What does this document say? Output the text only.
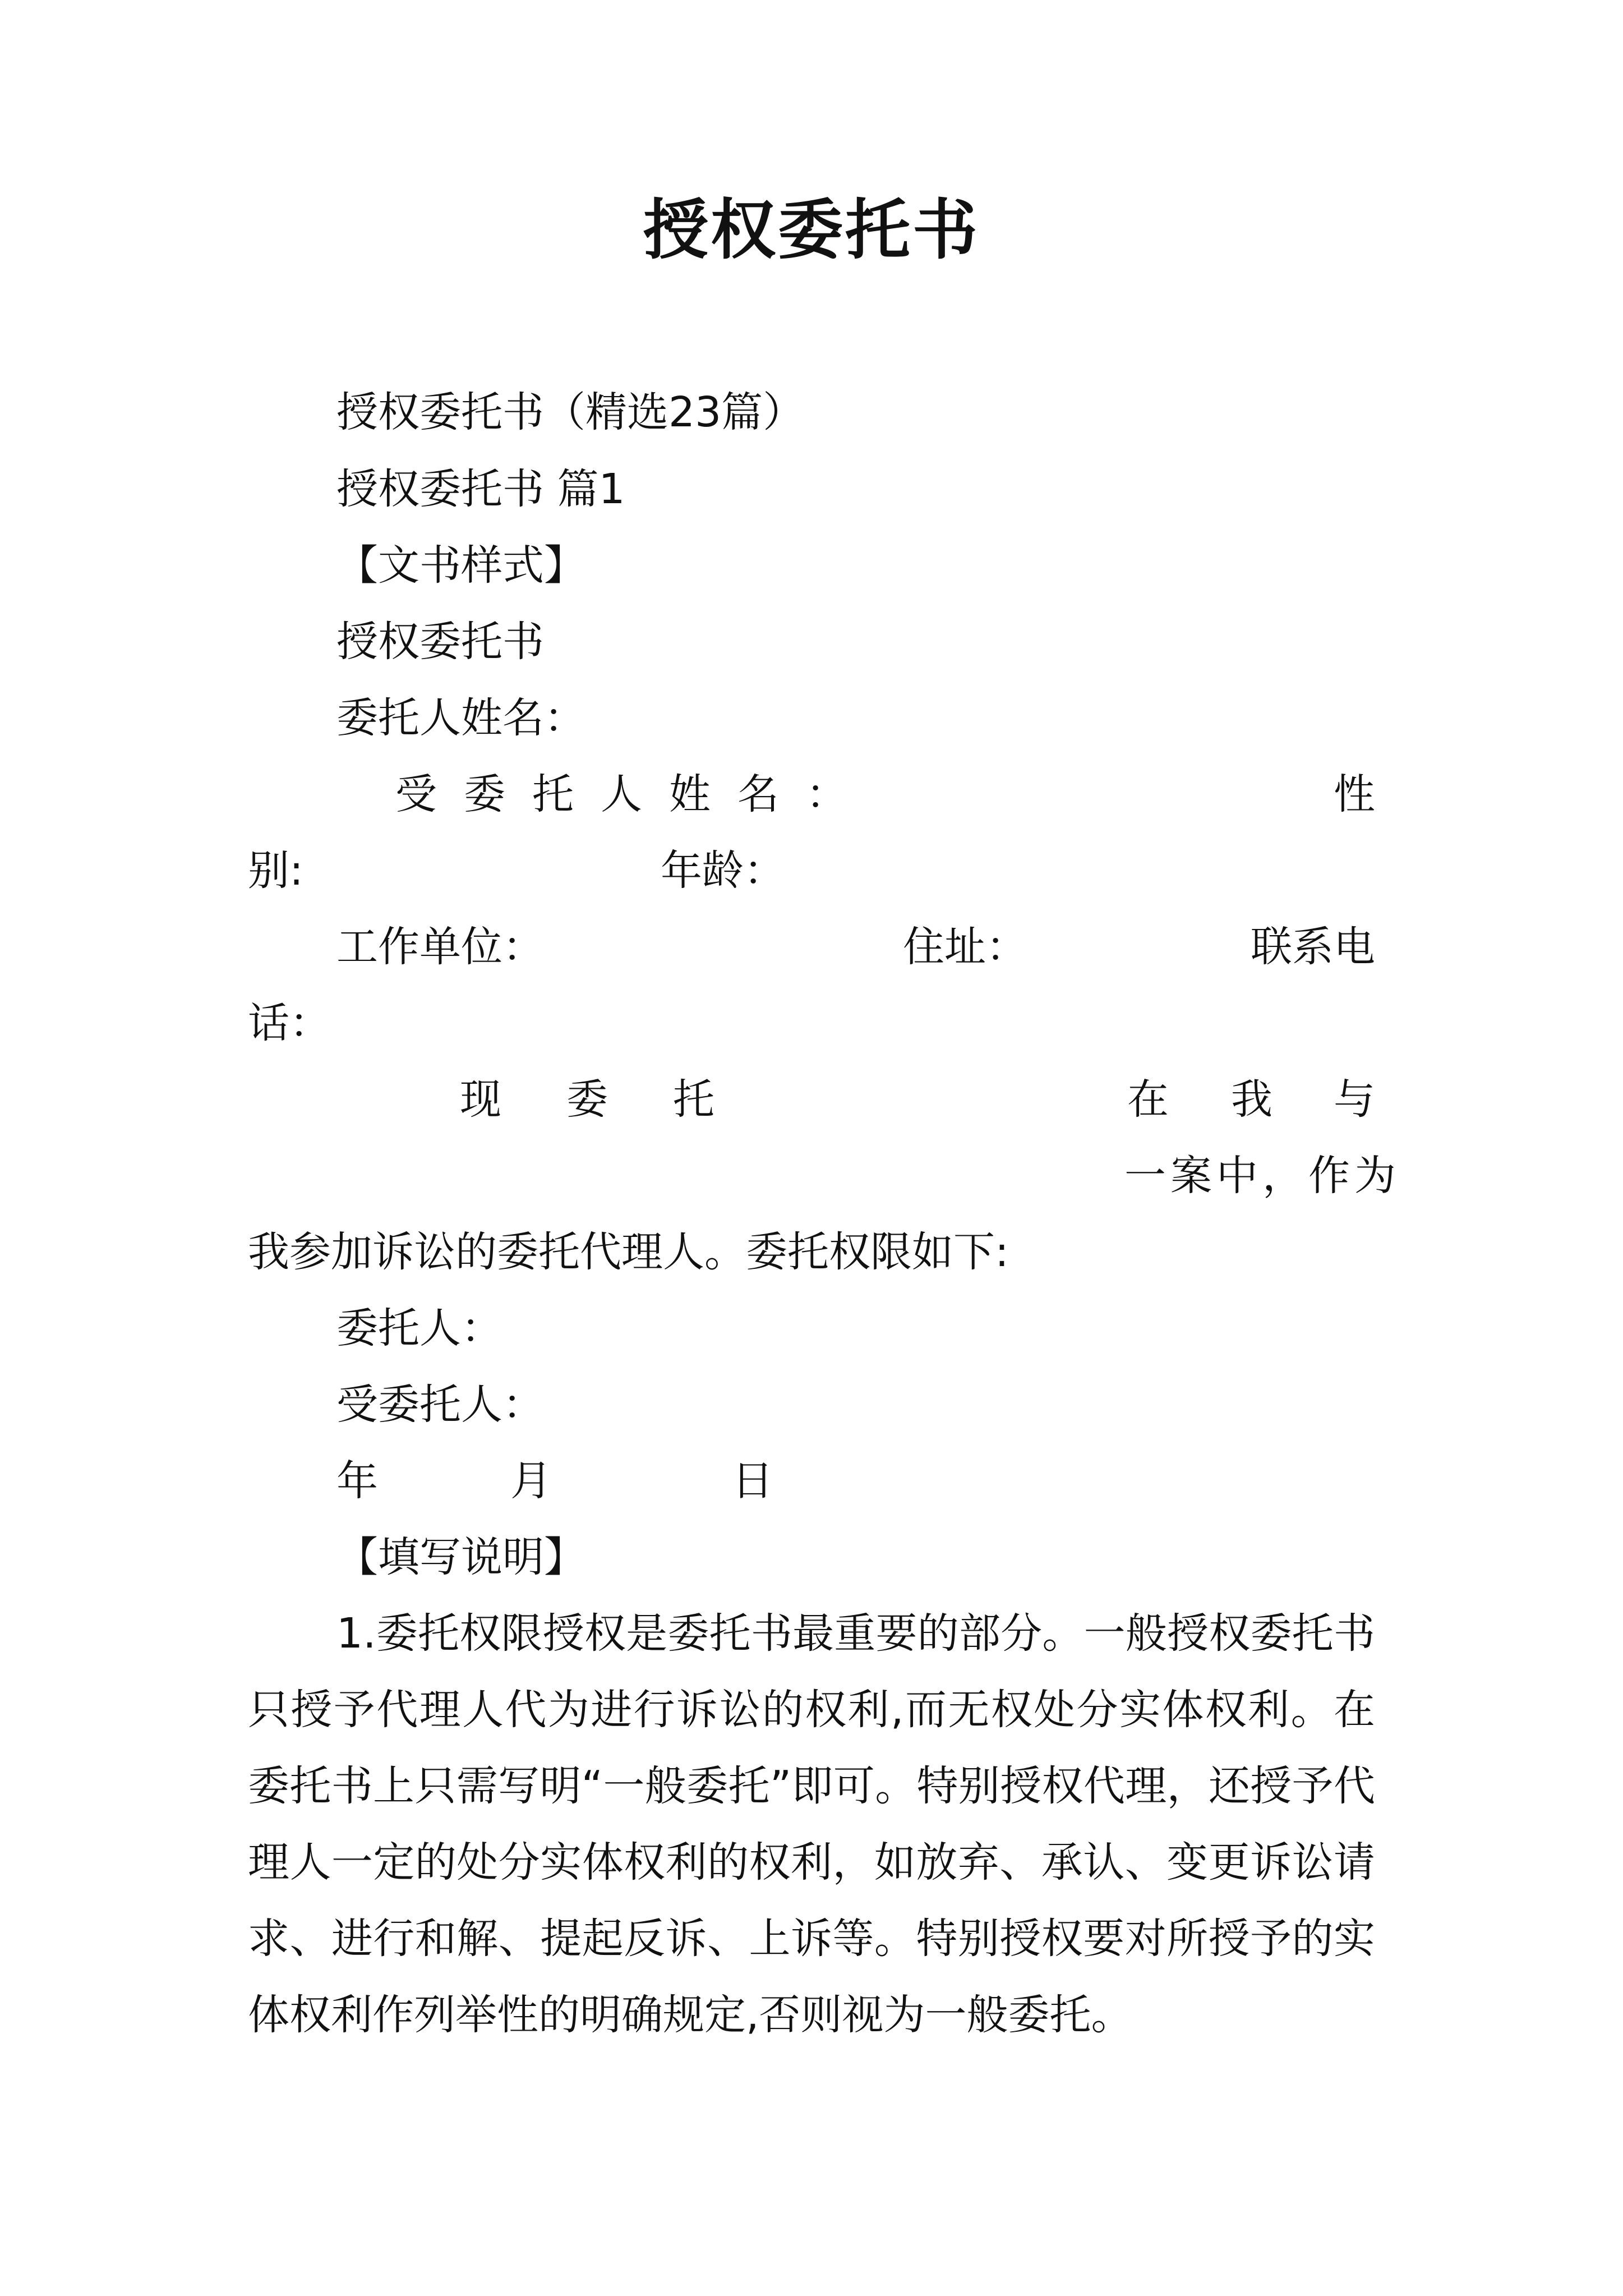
授权委托书
授权委托书（精选23篇）
授权委托书 篇1
【文书样式】
授权委托书
委托人姓名：
受委托人姓名：	性
别:	年龄：
工作单位：	住址：	联系电
话：
现 委 托	在 我 与
一案中，作为
我参加诉讼的委托代理人。委托权限如下:
委托人：
受委托人：
年	月	日
【填写说明】
1.委托权限授权是委托书最重要的部分。一般授权委托书只授予代理人代为进行诉讼的权利,而无权处分实体权利。在委托书上只需写明“一般委托”即可。特别授权代理，还授予代理人一定的处分实体权利的权利，如放弃、承认、变更诉讼请求、进行和解、提起反诉、上诉等。特别授权要对所授予的实体权利作列举性的明确规定,否则视为一般委托。
